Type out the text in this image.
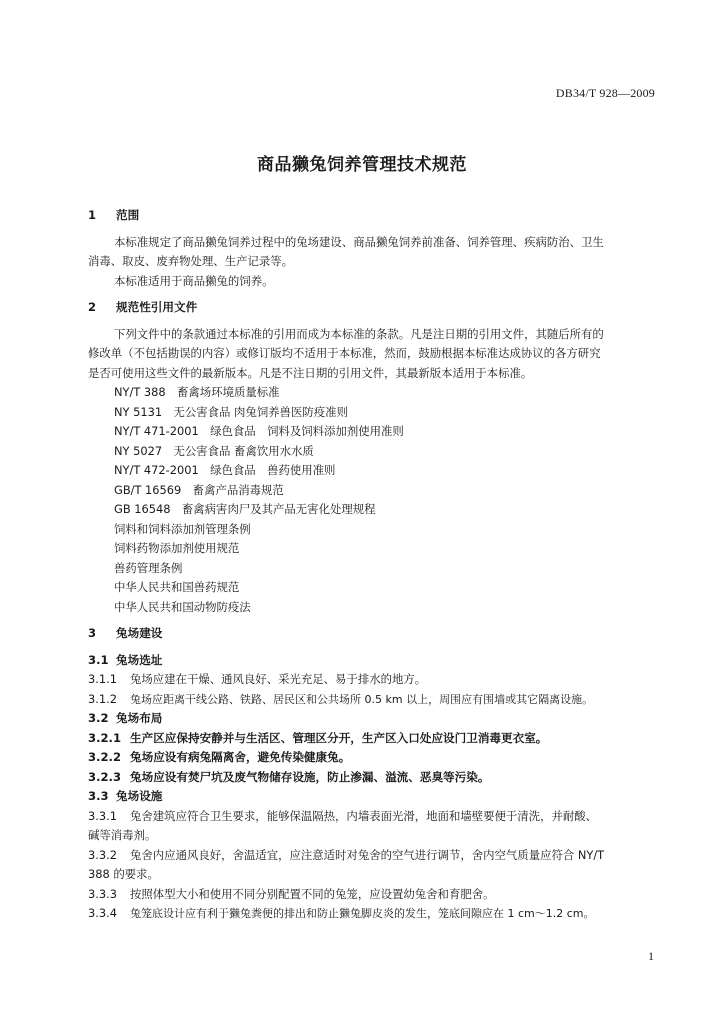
DB34/T 928—2009
商品獭兔饲养管理技术规范
1 范围
本标准规定了商品獭兔饲养过程中的兔场建设、商品獭兔饲养前准备、饲养管理、疾病防治、卫生
消毒、取皮、废弃物处理、生产记录等。
本标准适用于商品獭兔的饲养。
2 规范性引用文件
下列文件中的条款通过本标准的引用而成为本标准的条款。凡是注日期的引用文件，其随后所有的
修改单（不包括勘误的内容）或修订版均不适用于本标准，然而，鼓励根据本标准达成协议的各方研究
是否可使用这些文件的最新版本。凡是不注日期的引用文件，其最新版本适用于本标准。
NY/T 388　畜禽场环境质量标准
NY 5131　无公害食品 肉兔饲养兽医防疫准则
NY/T 471-2001　绿色食品　饲料及饲料添加剂使用准则
NY 5027　无公害食品 畜禽饮用水水质
NY/T 472-2001　绿色食品　兽药使用准则
GB/T 16569　畜禽产品消毒规范
GB 16548　畜禽病害肉尸及其产品无害化处理规程
饲料和饲料添加剂管理条例
饲料药物添加剂使用规范
兽药管理条例
中华人民共和国兽药规范
中华人民共和国动物防疫法
3 兔场建设
3.1 兔场选址
3.1.1 兔场应建在干燥、通风良好、采光充足、易于排水的地方。
3.1.2 兔场应距离干线公路、铁路、居民区和公共场所 0.5 km 以上，周围应有围墙或其它隔离设施。
3.2 兔场布局
3.2.1 生产区应保持安静并与生活区、管理区分开，生产区入口处应设门卫消毒更衣室。
3.2.2 兔场应设有病兔隔离舍，避免传染健康兔。
3.2.3 兔场应设有焚尸坑及废气物储存设施，防止渗漏、溢流、恶臭等污染。
3.3 兔场设施
3.3.1 兔舍建筑应符合卫生要求，能够保温隔热，内墙表面光滑，地面和墙壁要便于清洗，并耐酸、
碱等消毒剂。
3.3.2 兔舍内应通风良好，舍温适宜，应注意适时对兔舍的空气进行调节，舍内空气质量应符合 NY/T
388 的要求。
3.3.3 按照体型大小和使用不同分别配置不同的兔笼，应设置幼兔舍和育肥舍。
3.3.4 兔笼底设计应有利于獭兔粪便的排出和防止獭兔脚皮炎的发生，笼底间隙应在 1 cm～1.2 cm。
1
